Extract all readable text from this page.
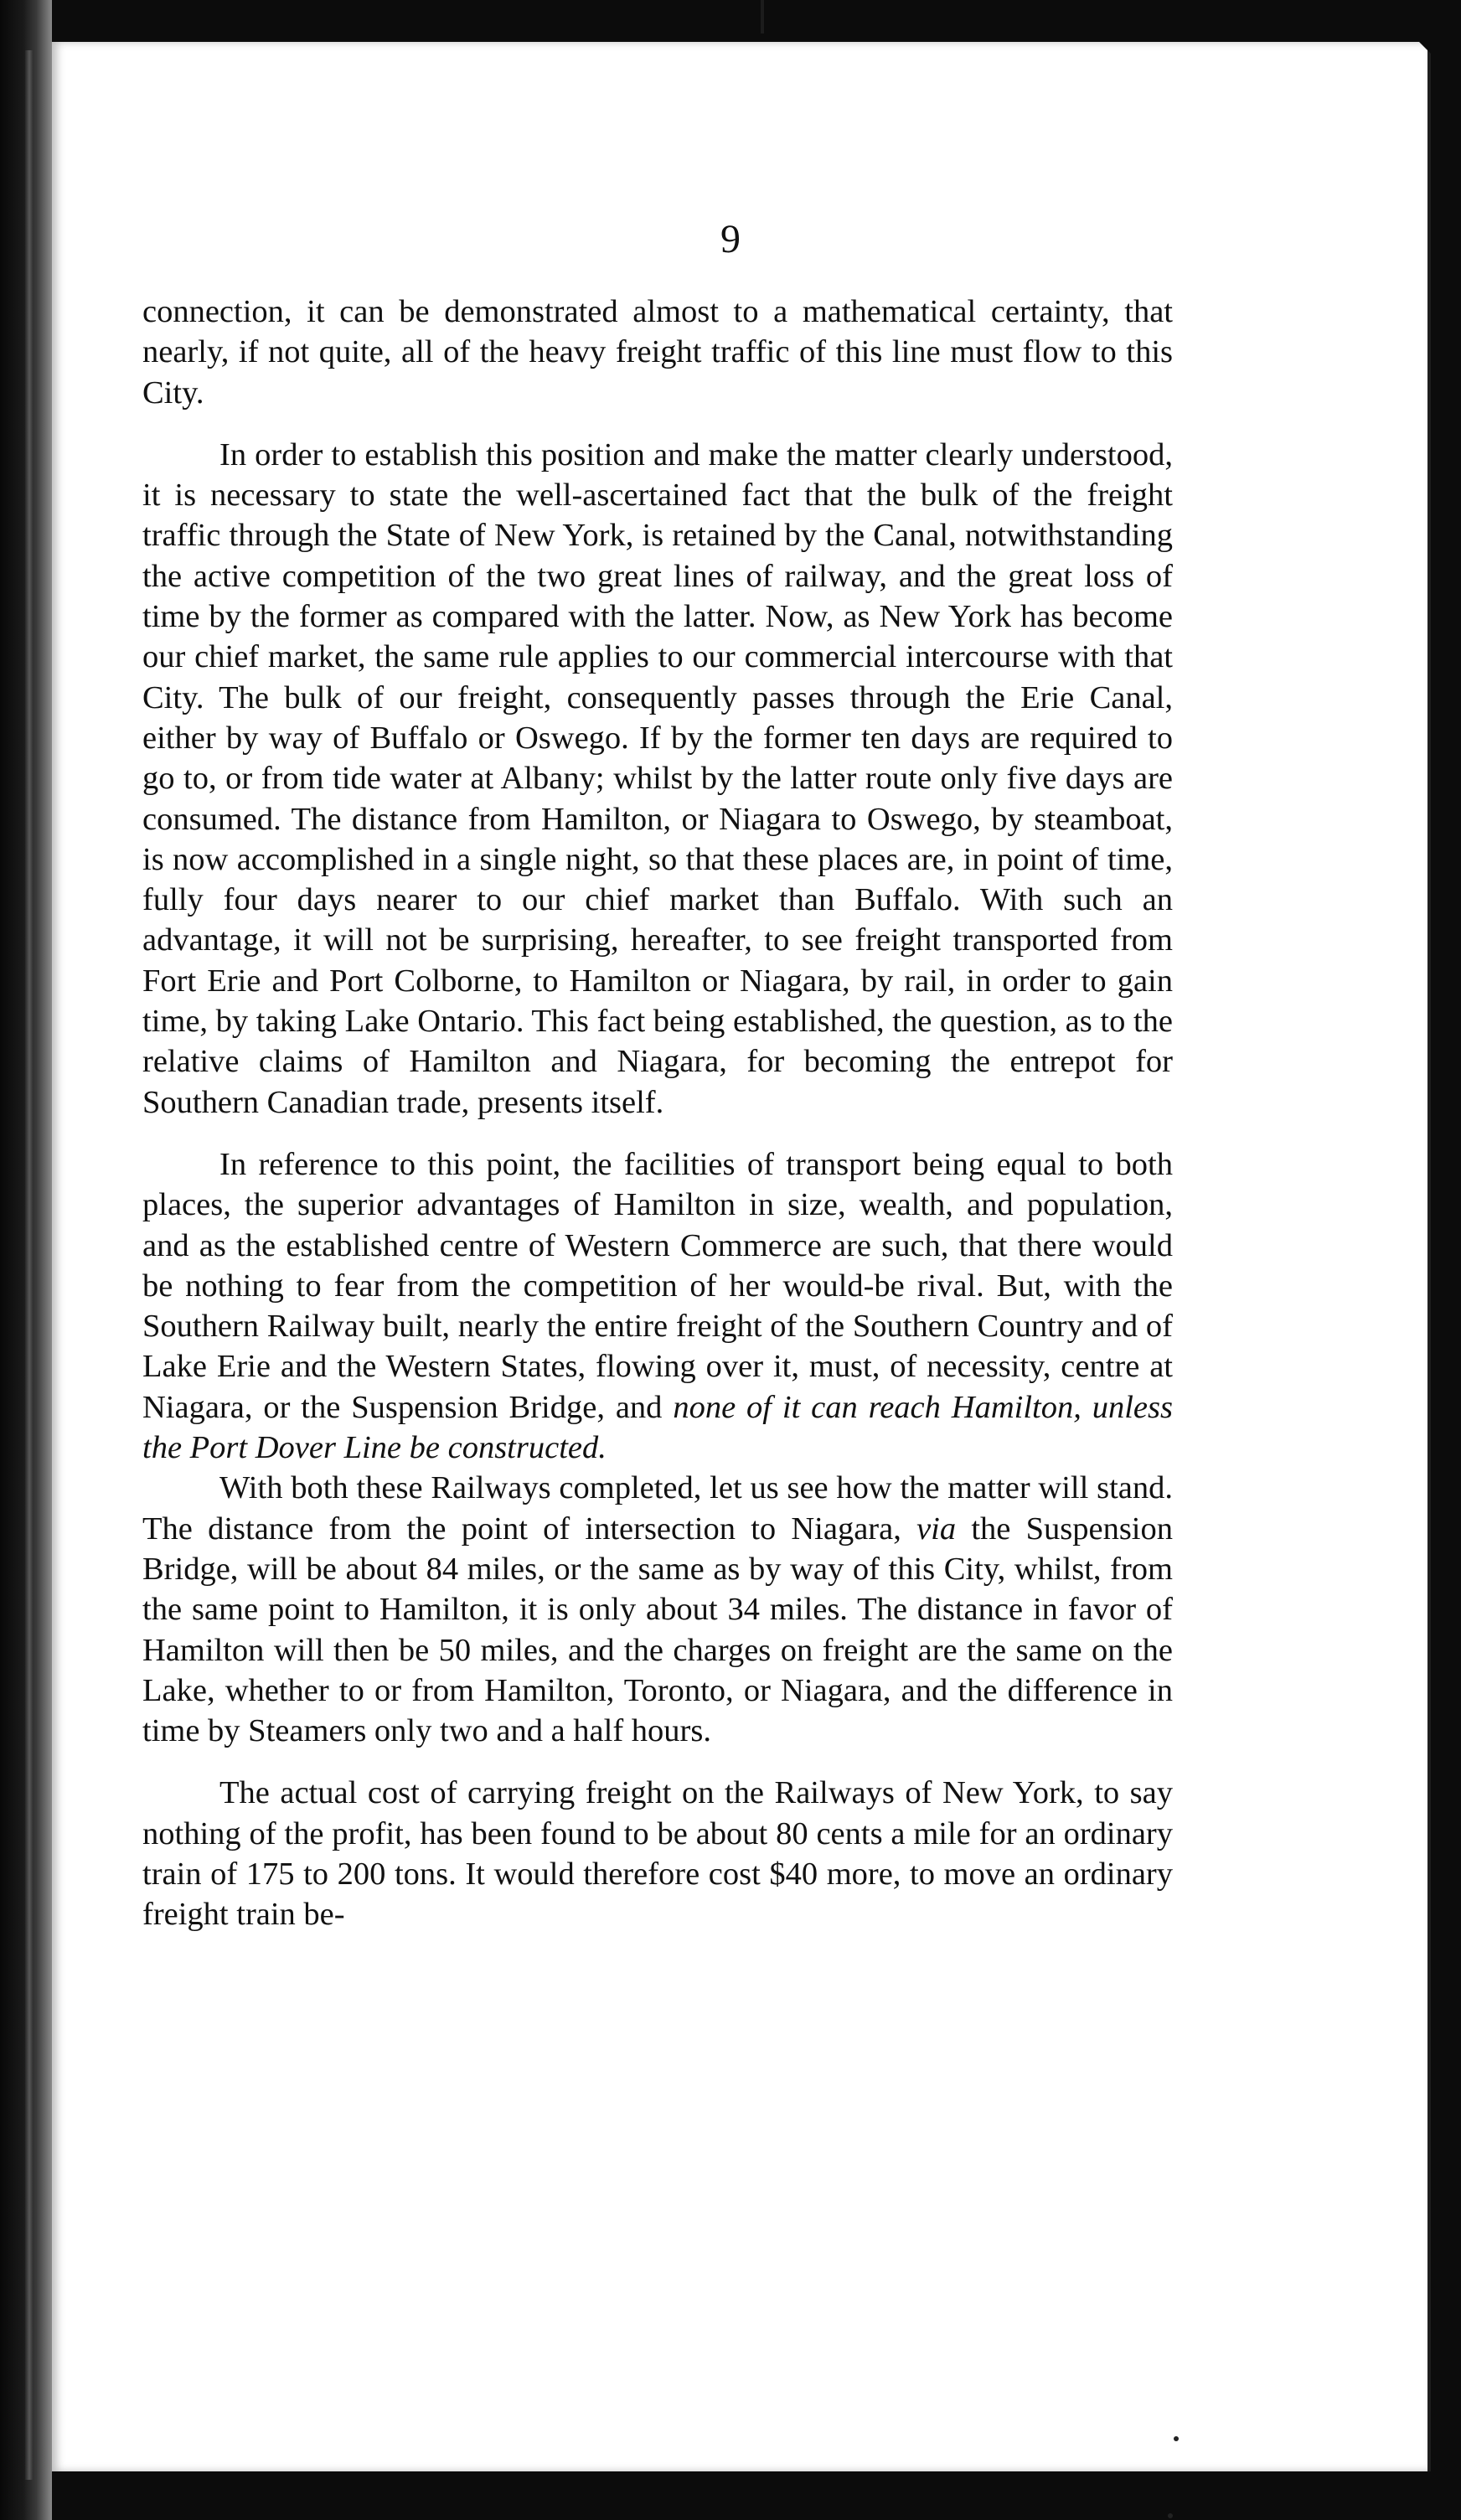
9

connection, it can be demonstrated almost to a mathematical certainty, that nearly, if not quite, all of the heavy freight traffic of this line must flow to this City.

In order to establish this position and make the matter clearly understood, it is necessary to state the well-ascertained fact that the bulk of the freight traffic through the State of New York, is retained by the Canal, notwithstanding the active competition of the two great lines of railway, and the great loss of time by the former as compared with the latter. Now, as New York has become our chief market, the same rule applies to our commercial intercourse with that City. The bulk of our freight, consequently passes through the Erie Canal, either by way of Buffalo or Oswego. If by the former ten days are required to go to, or from tide water at Albany; whilst by the latter route only five days are consumed. The distance from Hamilton, or Niagara to Oswego, by steamboat, is now accomplished in a single night, so that these places are, in point of time, fully four days nearer to our chief market than Buffalo. With such an advantage, it will not be surprising, hereafter, to see freight transported from Fort Erie and Port Colborne, to Hamilton or Niagara, by rail, in order to gain time, by taking Lake Ontario. This fact being established, the question, as to the relative claims of Hamilton and Niagara, for becoming the entrepot for Southern Canadian trade, presents itself.

In reference to this point, the facilities of transport being equal to both places, the superior advantages of Hamilton in size, wealth, and population, and as the established centre of Western Commerce are such, that there would be nothing to fear from the competition of her would-be rival. But, with the Southern Railway built, nearly the entire freight of the Southern Country and of Lake Erie and the Western States, flowing over it, must, of necessity, centre at Niagara, or the Suspension Bridge, and none of it can reach Hamilton, unless the Port Dover Line be constructed.

With both these Railways completed, let us see how the matter will stand. The distance from the point of intersection to Niagara, via the Suspension Bridge, will be about 84 miles, or the same as by way of this City, whilst, from the same point to Hamilton, it is only about 34 miles. The distance in favor of Hamilton will then be 50 miles, and the charges on freight are the same on the Lake, whether to or from Hamilton, Toronto, or Niagara, and the difference in time by Steamers only two and a half hours.

The actual cost of carrying freight on the Railways of New York, to say nothing of the profit, has been found to be about 80 cents a mile for an ordinary train of 175 to 200 tons. It would therefore cost $40 more, to move an ordinary freight train be-
